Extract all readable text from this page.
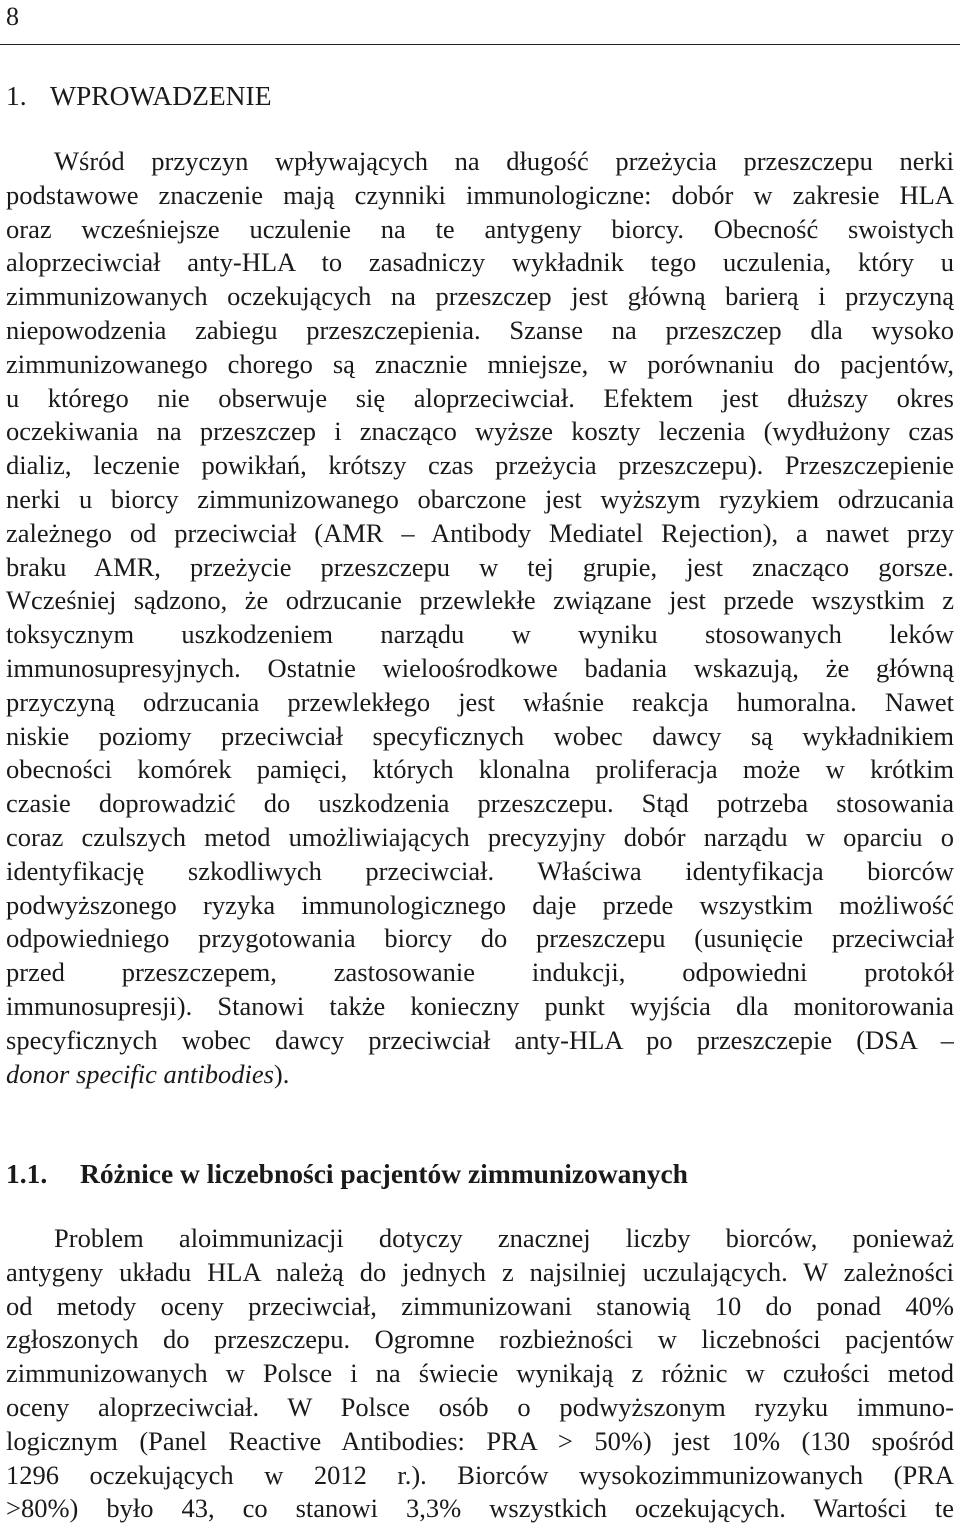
8
1. WPROWADZENIE
Wśród przyczyn wpływających na długość przeżycia przeszczepu nerki
podstawowe znaczenie mają czynniki immunologiczne: dobór w zakresie HLA
oraz wcześniejsze uczulenie na te antygeny biorcy. Obecność swoistych
aloprzeciwciał anty-HLA to zasadniczy wykładnik tego uczulenia, który u
zimmunizowanych oczekujących na przeszczep jest główną barierą i przyczyną
niepowodzenia zabiegu przeszczepienia. Szanse na przeszczep dla wysoko
zimmunizowanego chorego są znacznie mniejsze, w porównaniu do pacjentów,
u którego nie obserwuje się aloprzeciwciał. Efektem jest dłuższy okres
oczekiwania na przeszczep i znacząco wyższe koszty leczenia (wydłużony czas
dializ, leczenie powikłań, krótszy czas przeżycia przeszczepu). Przeszczepienie
nerki u biorcy zimmunizowanego obarczone jest wyższym ryzykiem odrzucania
zależnego od przeciwciał (AMR – Antibody Mediatel Rejection), a nawet przy
braku AMR, przeżycie przeszczepu w tej grupie, jest znacząco gorsze.
Wcześniej sądzono, że odrzucanie przewlekłe związane jest przede wszystkim z
toksycznym uszkodzeniem narządu w wyniku stosowanych leków
immunosupresyjnych. Ostatnie wieloośrodkowe badania wskazują, że główną
przyczyną odrzucania przewlekłego jest właśnie reakcja humoralna. Nawet
niskie poziomy przeciwciał specyficznych wobec dawcy są wykładnikiem
obecności komórek pamięci, których klonalna proliferacja może w krótkim
czasie doprowadzić do uszkodzenia przeszczepu. Stąd potrzeba stosowania
coraz czulszych metod umożliwiających precyzyjny dobór narządu w oparciu o
identyfikację szkodliwych przeciwciał. Właściwa identyfikacja biorców
podwyższonego ryzyka immunologicznego daje przede wszystkim możliwość
odpowiedniego przygotowania biorcy do przeszczepu (usunięcie przeciwciał
przed przeszczepem, zastosowanie indukcji, odpowiedni protokół
immunosupresji). Stanowi także konieczny punkt wyjścia dla monitorowania
specyficznych wobec dawcy przeciwciał anty-HLA po przeszczepie (DSA –
donor specific antibodies).
1.1. Różnice w liczebności pacjentów zimmunizowanych
Problem aloimmunizacji dotyczy znacznej liczby biorców, ponieważ
antygeny układu HLA należą do jednych z najsilniej uczulających. W zależności
od metody oceny przeciwciał, zimmunizowani stanowią 10 do ponad 40%
zgłoszonych do przeszczepu. Ogromne rozbieżności w liczebności pacjentów
zimmunizowanych w Polsce i na świecie wynikają z różnic w czułości metod
oceny aloprzeciwciał. W Polsce osób o podwyższonym ryzyku immuno-
logicznym (Panel Reactive Antibodies: PRA > 50%) jest 10% (130 spośród
1296 oczekujących w 2012 r.). Biorców wysokozimmunizowanych (PRA
>80%) było 43, co stanowi 3,3% wszystkich oczekujących. Wartości te
